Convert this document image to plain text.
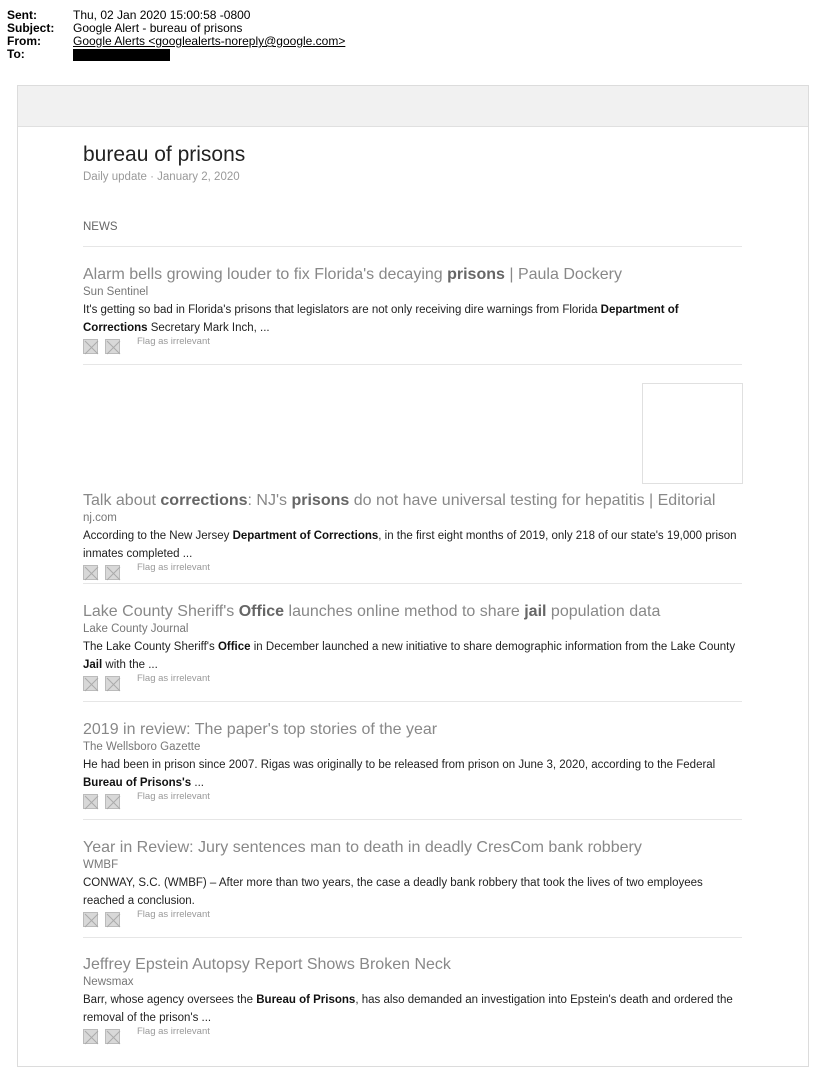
Sent:	Thu, 02 Jan 2020 15:00:58 -0800
Subject:	Google Alert - bureau of prisons
From:	Google Alerts <googlealerts-noreply@google.com>
To:
bureau of prisons
Daily update · January 2, 2020
NEWS
Alarm bells growing louder to fix Florida's decaying prisons | Paula Dockery
Sun Sentinel
It's getting so bad in Florida's prisons that legislators are not only receiving dire warnings from Florida Department of Corrections Secretary Mark Inch, ...
Flag as irrelevant
Talk about corrections: NJ's prisons do not have universal testing for hepatitis | Editorial
nj.com
According to the New Jersey Department of Corrections, in the first eight months of 2019, only 218 of our state's 19,000 prison inmates completed ...
Flag as irrelevant
Lake County Sheriff's Office launches online method to share jail population data
Lake County Journal
The Lake County Sheriff's Office in December launched a new initiative to share demographic information from the Lake County Jail with the ...
Flag as irrelevant
2019 in review: The paper's top stories of the year
The Wellsboro Gazette
He had been in prison since 2007. Rigas was originally to be released from prison on June 3, 2020, according to the Federal Bureau of Prisons's ...
Flag as irrelevant
Year in Review: Jury sentences man to death in deadly CresCom bank robbery
WMBF
CONWAY, S.C. (WMBF) – After more than two years, the case a deadly bank robbery that took the lives of two employees reached a conclusion.
Flag as irrelevant
Jeffrey Epstein Autopsy Report Shows Broken Neck
Newsmax
Barr, whose agency oversees the Bureau of Prisons, has also demanded an investigation into Epstein's death and ordered the removal of the prison's ...
Flag as irrelevant
